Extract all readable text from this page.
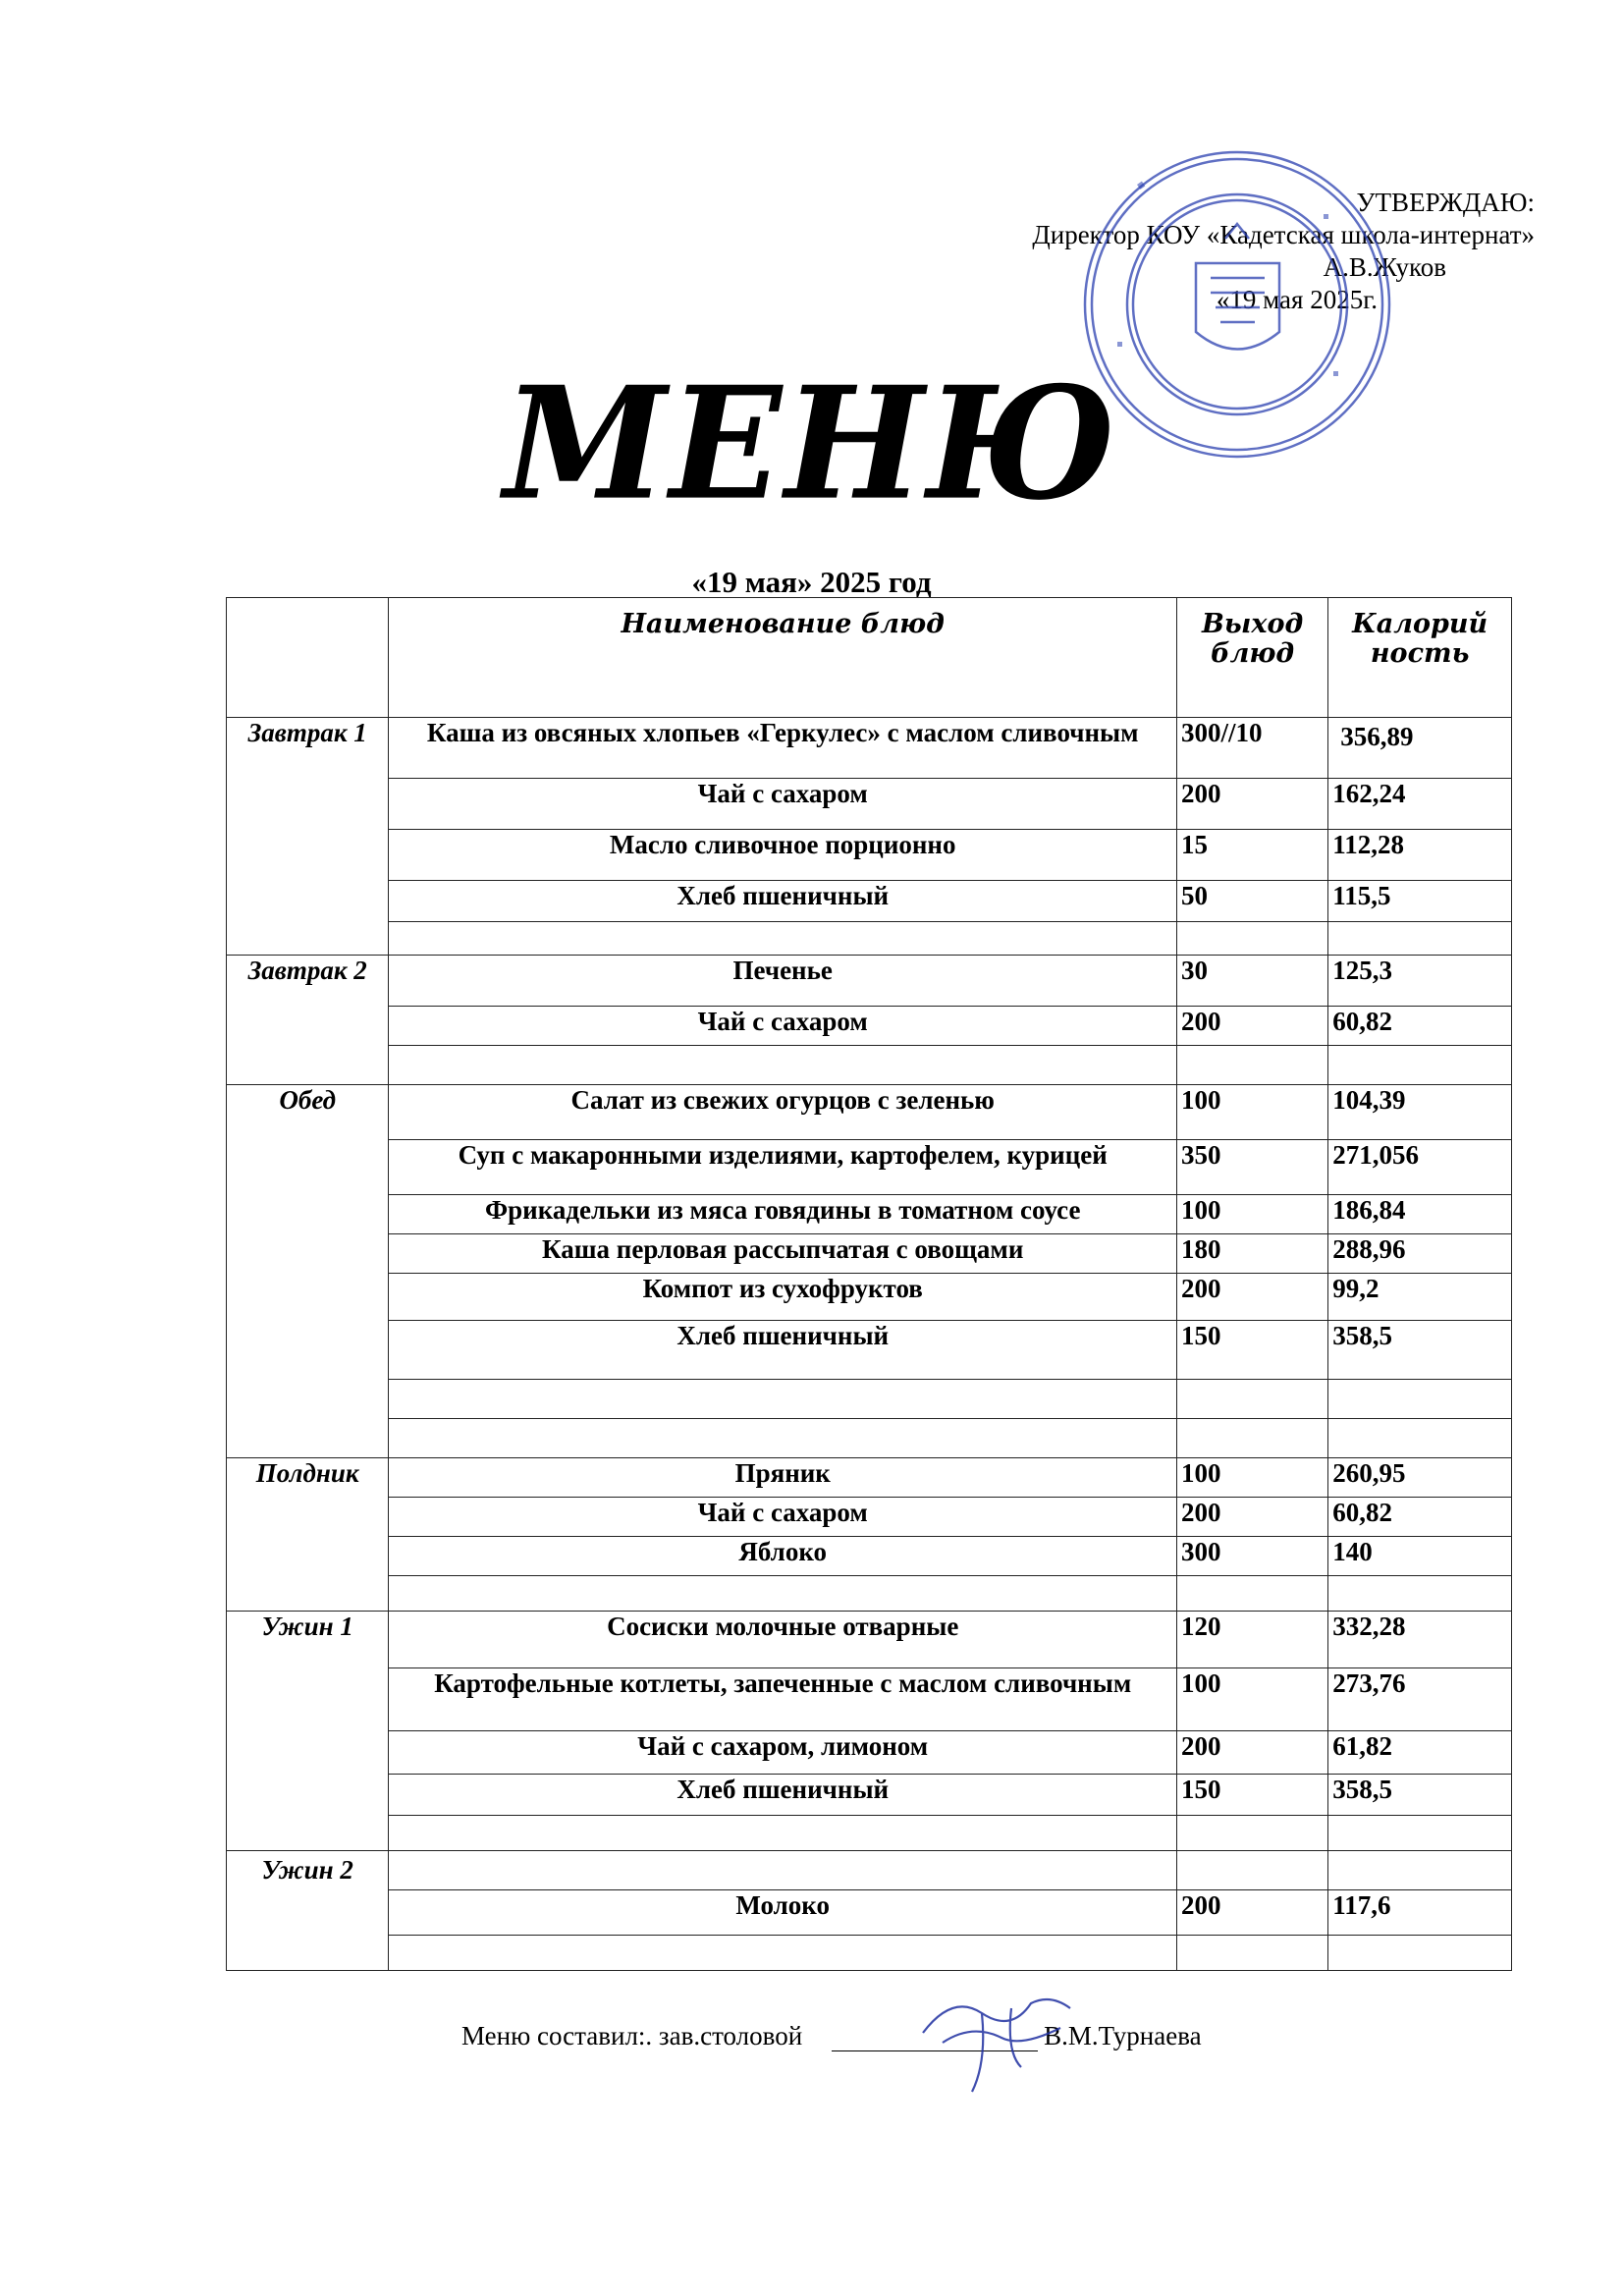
УТВЕРЖДАЮ:
Директор КОУ «Кадетская школа-интернат»
А.В.Жуков
«19 мая 2025г.
МЕНЮ
«19 мая» 2025 год
	Наименование блюд	Выход блюд	Калорий ность
Завтрак 1	Каша из овсяных хлопьев «Геркулес» с маслом сливочным	300//10	356,89
	Чай с сахаром	200	162,24
	Масло сливочное порционно	15	112,28
	Хлеб пшеничный	50	115,5

Завтрак 2	Печенье	30	125,3
	Чай с сахаром	200	60,82

Обед	Салат из свежих огурцов с зеленью	100	104,39
	Суп с макаронными изделиями, картофелем, курицей	350	271,056
	Фрикадельки из мяса говядины в томатном соусе	100	186,84
	Каша перловая рассыпчатая с овощами	180	288,96
	Компот из сухофруктов	200	99,2
	Хлеб пшеничный	150	358,5

Полдник	Пряник	100	260,95
	Чай с сахаром	200	60,82
	Яблоко	300	140

Ужин 1	Сосиски молочные отварные	120	332,28
	Картофельные котлеты, запеченные с маслом сливочным	100	273,76
	Чай с сахаром, лимоном	200	61,82
	Хлеб пшеничный	150	358,5

Ужин 2			
	Молоко	200	117,6

Меню составил:. зав.столовой	В.М.Турнаева
